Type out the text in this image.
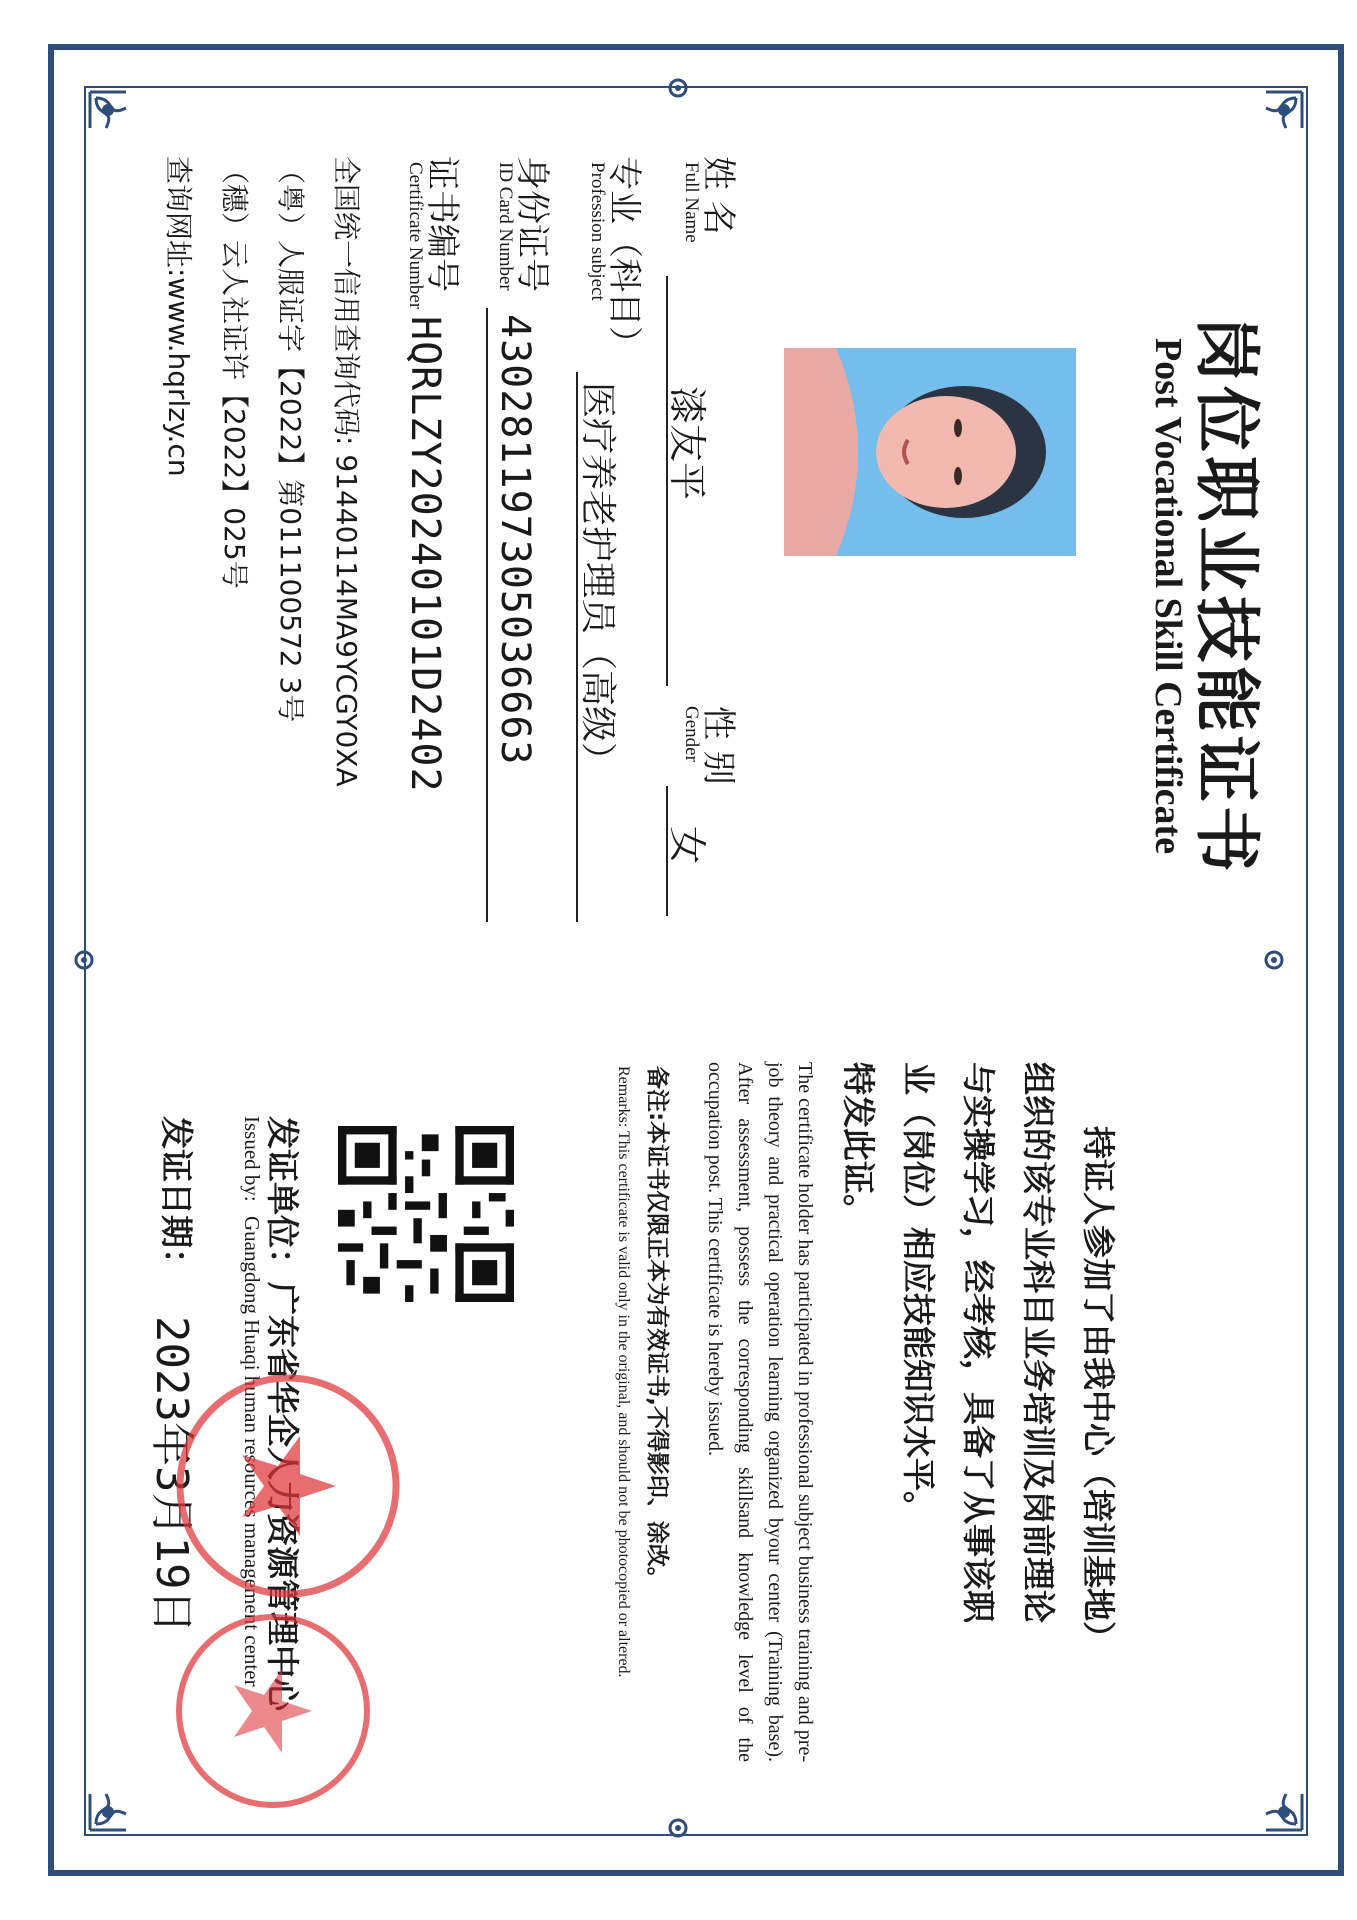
岗位职业技能证书
Post Vocational Skill Certificate
姓 名
Full Name
漆友平
性 别
Gender
女
专业（科目）
Profession subject
医疗养老护理员（高级）
身份证号
ID Card Number
430281197305036663
证书编号
Certificate Number
HQRLZY20240101D2402
全国统一信用查询代码: 91440114MA9YCGY0XA
（粤）人服证字【2022】第011100572 3号
（穗）云人社证许【2022】025号
查询网址:www.hqrlzy.cn
持证人参加了由我中心（培训基地）
组织的该专业科目业务培训及岗前理论
与实操学习，经考核，具备了从事该职
业（岗位）相应技能知识水平。
特发此证。
The certificate holder has participated in professional subject business training and pre-job theory and practical operation learning organized byour center (Training base). After assessment, possess the corresponding skillsand knowledge level of the occupation post. This certificate is hereby issued.
备注:本证书仅限正本为有效证书,不得影印、涂改。
Remarks: This certificate is valid only in the original, and should not be photocopied or altered.
发证单位：
Issued by:
Guangdong Huaqi human resources management center
发证日期：
2023年3月19日
